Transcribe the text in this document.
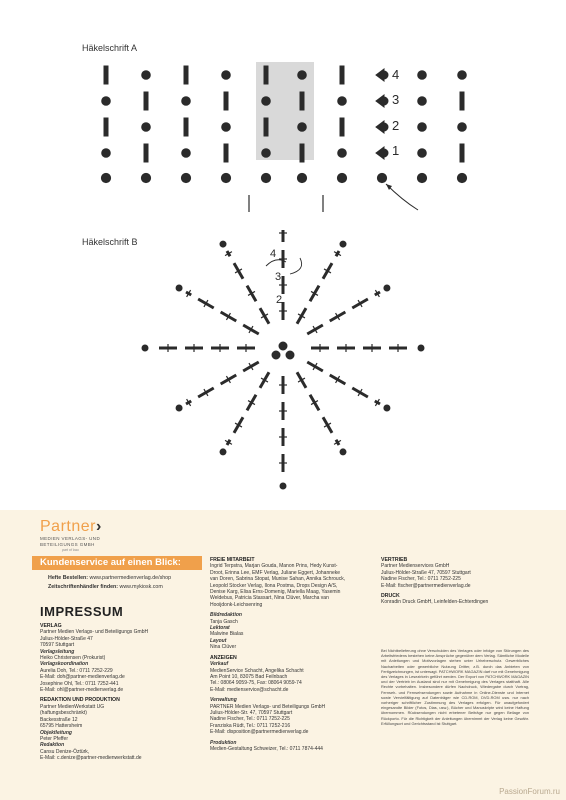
Häkelschrift A
4
3
2
1
Häkelschrift B
4
3
2
Partner›
MEDIEN VERLAGS- UND
BETEILIGUNGS GMBH
part of bau
Kundenservice auf einen Blick:
Hefte Bestellen: www.partnermedienverlag.de/shop
Zeitschriftenhändler finden: www.mykiosk.com
IMPRESSUM
VERLAG
Partner Medien Verlags- und Beteiligungs GmbH
Julius-Hölder-Straße 47
70597 Stuttgart
Verlagsleitung
Heiko Christensen (Prokurist)
Verlagskoordination
Aurelia Doh, Tel.: 0711 7252-229
E-Mail: doh@partner-medienverlag.de
Josephine Ohl, Tel.: 0711 7252-441
E-Mail: ohl@partner-medienverlag.de
REDAKTION UND PRODUKTION
Partner MedienWerkstatt UG
(haftungsbeschränkt)
Backesstraße 12
65795 Hattersheim
Objektleitung
Peter Pfeffer
Redaktion
Cansu Denize-Öztürk,
E-Mail: c.denize@partner-medienwerkstatt.de
FREIE MITARBEIT
Ingrid Terpstra, Marjan Gouda, Manon Prins, Hedy Kunst-
Droot, Erinna Lee, EMF Verlag, Juliane Eggert, Johanneke
van Doren, Sabrina Stopat, Munise Sahan, Annika Schrouck,
Leopold Stocker Verlag, Ilona Postma, Drops Design A/S,
Denise Karg, Elisa Erns-Domenig, Mariella Maag, Yasemin
Weldebus, Patricia Stassart, Nina Clüver, Marcha van
Hooijdonk-Leichsenring
Bildredaktion
Tanja Gasch
Lektorat
Malwine Bialas
Layout
Nina Clüver
ANZEIGEN
Verkauf
MedienService Schacht, Angelika Schacht
Am Point 10, 83075 Bad Feilnbach
Tel.: 08064 9059-75, Fax: 08064 9059-74
E-Mail: medienservice@schacht.de
Verwaltung
PARTNER Medien Verlags- und Beteiligungs GmbH
Julius-Hölder-Str. 47, 70597 Stuttgart
Nadine Fischer, Tel.: 0711 7252-225
Franziska Rüdt, Tel.: 0711 7252-216
E-Mail: disposition@partnermedienverlag.de
Produktion
Medien-Gestaltung Schweizer, Tel.: 0711 7874-444
VERTRIEB
Partner Medienservices GmbH
Julius-Hölder-Straße 47, 70597 Stuttgart
Nadine Fischer, Tel.: 0711 7252-225
E-Mail: fischer@partnermedienverlag.de
DRUCK
Konradin Druck GmbH, Leinfelden-Echterdingen
Bei Nichtbelieferung ohne Verschulden des Verlages oder infolge von Störungen des Arbeitsfriedens bestehen keine Ansprüche gegenüber dem Verlag. Sämtliche Modelle mit Anleitungen und Motivvorlagen stehen unter Urheberschutz. Gewerbliches Nacharbeiten oder gewerbliche Nutzung Dritter, z.B. durch das Anbieten von Fertigzeichnungen, ist untersagt. PATCHWORK MAGAZIN darf nur mit Genehmigung des Verlages in Lesezirkeln geführt werden. Der Export von PATCHWORK MAGAZIN und der Vertrieb im Ausland sind nur mit Genehmigung des Verlages statthaft. Alle Rechte vorbehalten. Insbesondere dürfen Nachdruck, Wiedergabe durch Vortrag, Fernseh- und Fernsehsendungen sowie Aufnahme in Online-Dienste und Internet sowie Vervielfältigung auf Datenträger wie CD-ROM, DVD-ROM usw. nur nach vorheriger schriftlicher Zustimmung des Verlages erfolgen. Für unaufgefordert eingesandte Bilder (Fotos, Dias, usw.), Bücher und Manuskripte wird keine Haftung übernommen. Rücksendungen nicht erbetener Beiträge nur gegen Beilage von Rückporto. Für die Richtigkeit der Anleitungen übernimmt der Verlag keine Gewähr. Erfüllungsort und Gerichtsstand ist Stuttgart.
PassionForum.ru
